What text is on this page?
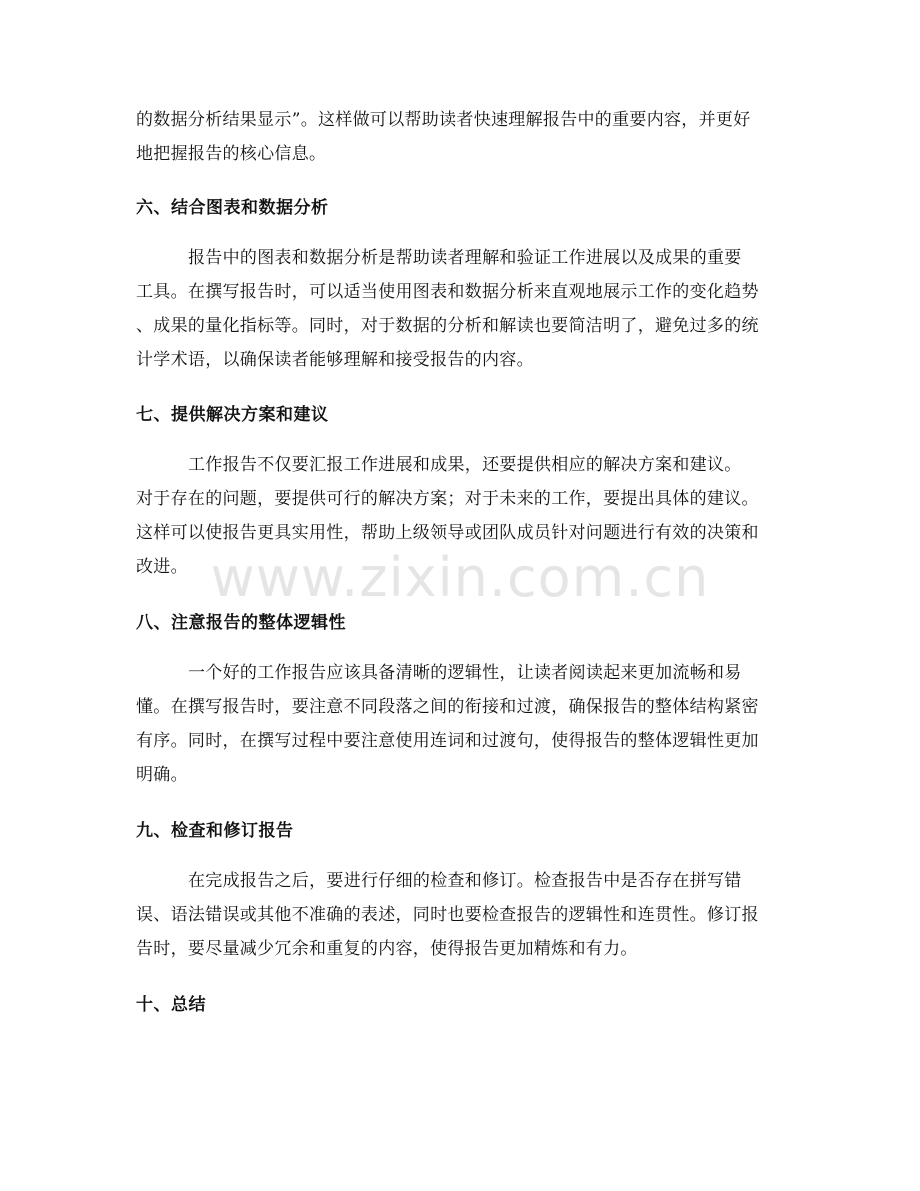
的数据分析结果显示”。这样做可以帮助读者快速理解报告中的重要内容，并更好
地把握报告的核心信息。

六、结合图表和数据分析

报告中的图表和数据分析是帮助读者理解和验证工作进展以及成果的重要
工具。在撰写报告时，可以适当使用图表和数据分析来直观地展示工作的变化趋势
、成果的量化指标等。同时，对于数据的分析和解读也要简洁明了，避免过多的统
计学术语，以确保读者能够理解和接受报告的内容。

七、提供解决方案和建议

工作报告不仅要汇报工作进展和成果，还要提供相应的解决方案和建议。
对于存在的问题，要提供可行的解决方案；对于未来的工作，要提出具体的建议。
这样可以使报告更具实用性，帮助上级领导或团队成员针对问题进行有效的决策和
改进。

八、注意报告的整体逻辑性

一个好的工作报告应该具备清晰的逻辑性，让读者阅读起来更加流畅和易
懂。在撰写报告时，要注意不同段落之间的衔接和过渡，确保报告的整体结构紧密
有序。同时，在撰写过程中要注意使用连词和过渡句，使得报告的整体逻辑性更加
明确。

九、检查和修订报告

在完成报告之后，要进行仔细的检查和修订。检查报告中是否存在拼写错
误、语法错误或其他不准确的表述，同时也要检查报告的逻辑性和连贯性。修订报
告时，要尽量减少冗余和重复的内容，使得报告更加精炼和有力。

十、总结
www.zixin.com.cn
